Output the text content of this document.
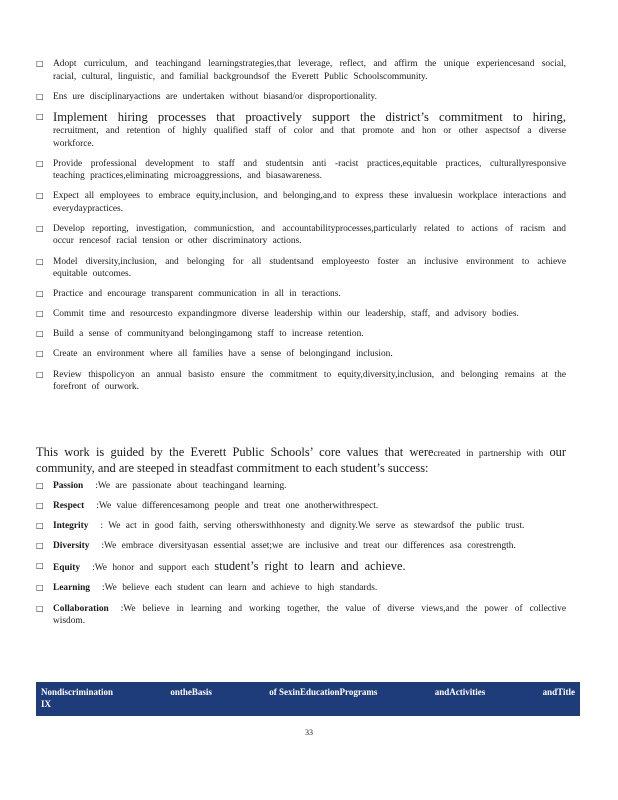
□	Adopt curriculum, and teachingand learningstrategies,that leverage, reflect, and affirm the unique experiencesand social, racial, cultural, linguistic, and familial backgroundsof the Everett Public Schoolscommunity.
□	Ens ure disciplinaryactions are undertaken without biasand/or disproportionality.
□ Implement hiring processes that proactively support the district’s commitment to hiring, recruitment, and retention of highly qualified staff of color and that promote and hon or other aspectsof a diverse workforce.
□	Provide professional development to staff and studentsin anti -racist practices,equitable practices, culturallyresponsive teaching practices,eliminating microaggressions, and biasawareness.
□	Expect all employees to embrace equity,inclusion, and belonging,and to express these invaluesin workplace interactions and everydaypractices.
□	Develop reporting, investigation, communicstion, and accountabilityprocesses,particularly related to actions of racism and occur rencesof racial tension or other discriminatory actions.
□	Model diversity,inclusion, and belonging for all studentsand employeesto foster an inclusive environment to achieve equitable outcomes.
□	Practice and encourage transparent communication in all in teractions.
□	Commit time and resourcesto expandingmore diverse leadership within our leadership, staff, and advisory bodies.
□	Build a sense of communityand belongingamong staff to increase retention.
□	Create an environment where all families have a sense of belongingand inclusion.
□	Review thispolicyon an annual basisto ensure the commitment to equity,diversity,inclusion, and belonging remains at the forefront of ourwork.

This work is guided by the Everett Public Schools’ core values that werecreated in partnership with our community, and are steeped in steadfast commitment to each student’s success:

□	Passion :We are passionate about teachingand learning.
□	Respect :We value differencesamong people and treat one anotherwithrespect.
□	Integrity : We act in good faith, serving otherswithhonesty and dignity.We serve as stewardsof the public trust.
□	Diversity :We embrace diversityasan essential asset;we are inclusive and treat our differences asa corestrength.
□	Equity :We honor and support each student’s right to learn and achieve.
□	Learning :We believe each student can learn and achieve to high standards.
□	Collaboration :We believe in learning and working together, the value of diverse views,and the power of collective wisdom.
Nondiscrimination	ontheBasis	of SexinEducationPrograms	andActivities	andTitle
IX
33
